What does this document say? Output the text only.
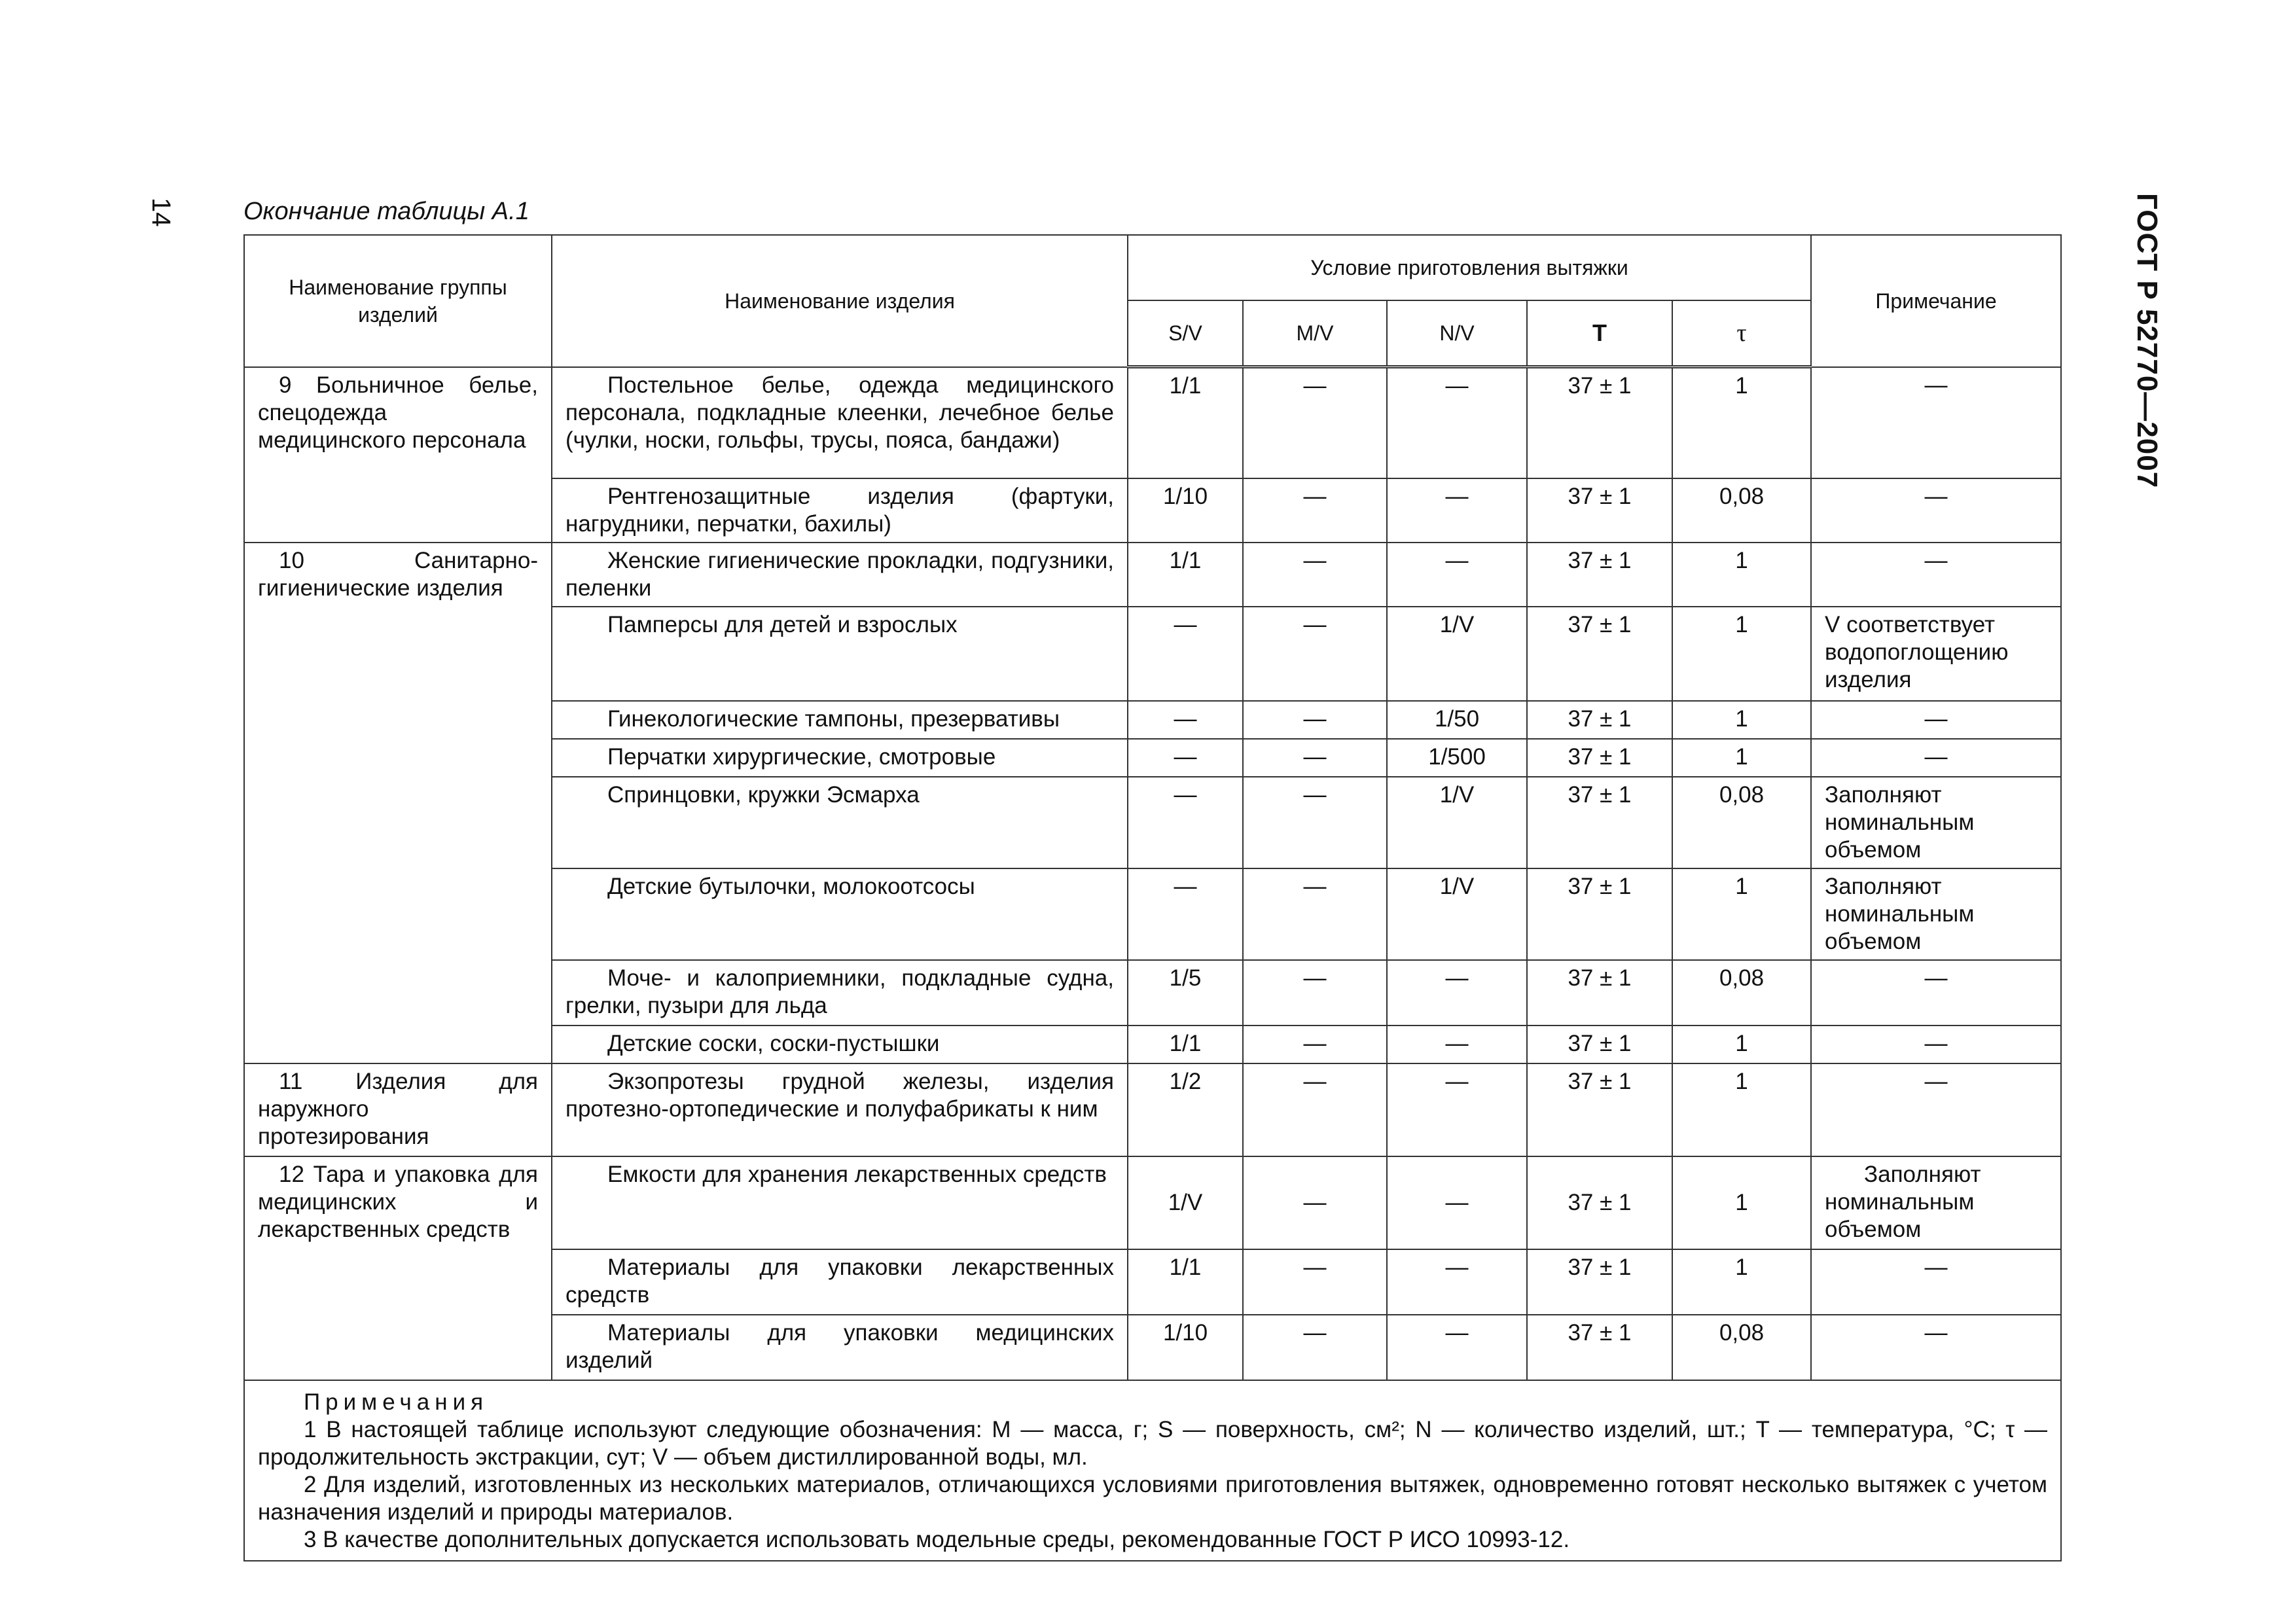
14	ГОСТ Р 52770—2007
Окончание таблицы А.1
Наименование группы изделий	Наименование изделия	Условие приготовления вытяжки					Примечание
		S/V	M/V	N/V	T	τ	
9 Больничное белье, спецодежда медицинского персонала	Постельное белье, одежда медицинского персонала, подкладные клеенки, лечебное белье (чулки, носки, гольфы, трусы, пояса, бандажи)	1/1	—	—	37 ± 1	1	—
	Рентгенозащитные изделия (фартуки, нагрудники, перчатки, бахилы)	1/10	—	—	37 ± 1	0,08	—
10 Санитарно-гигиенические изделия	Женские гигиенические прокладки, подгузники, пеленки	1/1	—	—	37 ± 1	1	—
	Памперсы для детей и взрослых	—	—	1/V	37 ± 1	1	V соответствует водопоглощению изделия
	Гинекологические тампоны, презервативы	—	—	1/50	37 ± 1	1	—
	Перчатки хирургические, смотровые	—	—	1/500	37 ± 1	1	—
	Спринцовки, кружки Эсмарха	—	—	1/V	37 ± 1	0,08	Заполняют номинальным объемом
	Детские бутылочки, молокоотсосы	—	—	1/V	37 ± 1	1	Заполняют номинальным объемом
	Моче- и калоприемники, подкладные судна, грелки, пузыри для льда	1/5	—	—	37 ± 1	0,08	—
	Детские соски, соски-пустышки	1/1	—	—	37 ± 1	1	—
11 Изделия для наружного протезирования	Экзопротезы грудной железы, изделия протезно-ортопедические и полуфабрикаты к ним	1/2	—	—	37 ± 1	1	—
12 Тара и упаковка для медицинских и лекарственных средств	Емкости для хранения лекарственных средств	1/V	—	—	37 ± 1	1	Заполняют номинальным объемом
	Материалы для упаковки лекарственных средств	1/1	—	—	37 ± 1	1	—
	Материалы для упаковки медицинских изделий	1/10	—	—	37 ± 1	0,08	—

Примечания

1 В настоящей таблице используют следующие обозначения: M — масса, г; S — поверхность, см²; N — количество изделий, шт.; T — температура, °C; τ — продолжительность экстракции, сут; V — объем дистиллированной воды, мл.

2 Для изделий, изготовленных из нескольких материалов, отличающихся условиями приготовления вытяжек, одновременно готовят несколько вытяжек с учетом назначения изделий и природы материалов.

3 В качестве дополнительных допускается использовать модельные среды, рекомендованные ГОСТ Р ИСО 10993-12.							
